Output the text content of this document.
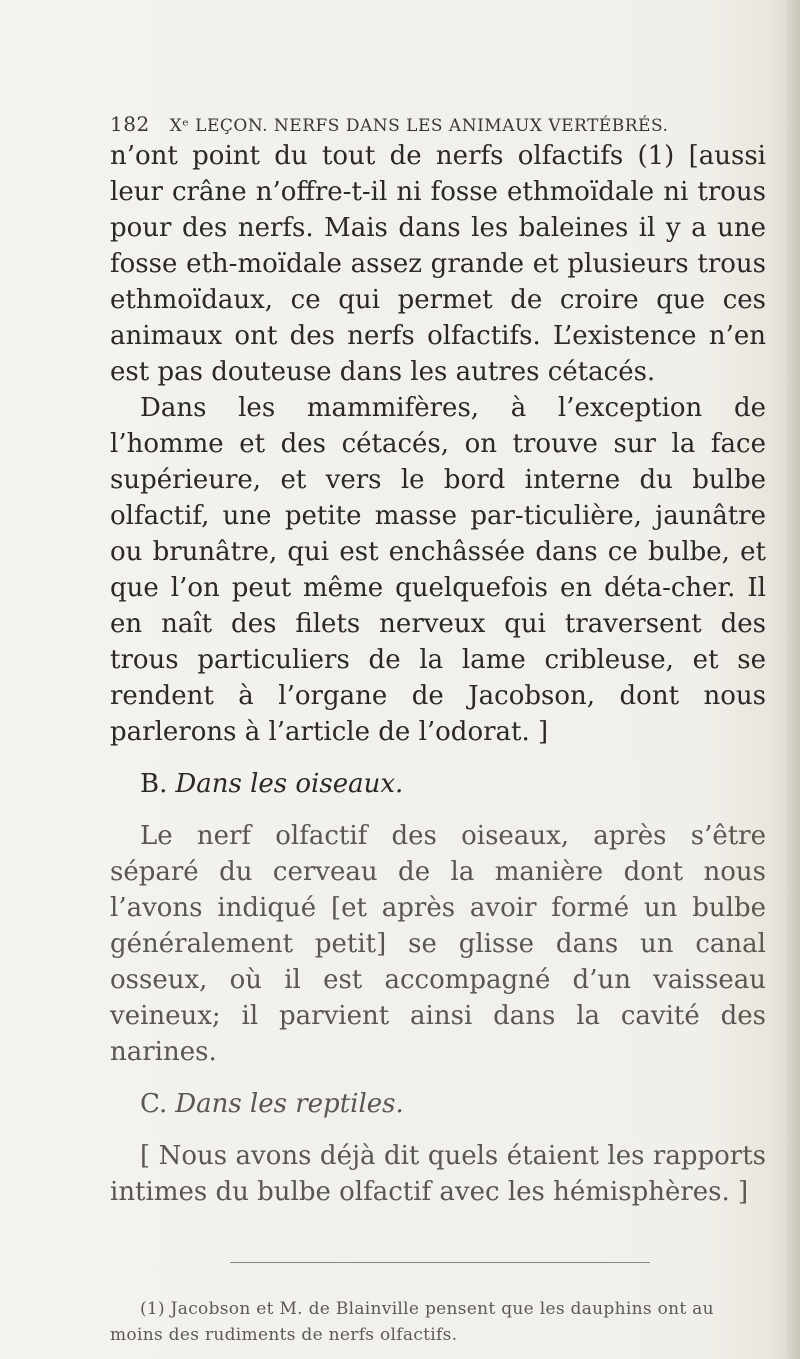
182 Xᵉ LEÇON. NERFS DANS LES ANIMAUX VERTÉBRÉS.

n’ont point du tout de nerfs olfactifs (1) [aussi leur crâne n’offre-t-il ni fosse ethmoïdale ni trous pour des nerfs. Mais dans les baleines il y a une fosse eth-moïdale assez grande et plusieurs trous ethmoïdaux, ce qui permet de croire que ces animaux ont des nerfs olfactifs. L’existence n’en est pas douteuse dans les autres cétacés.

Dans les mammifères, à l’exception de l’homme et des cétacés, on trouve sur la face supérieure, et vers le bord interne du bulbe olfactif, une petite masse par-ticulière, jaunâtre ou brunâtre, qui est enchâssée dans ce bulbe, et que l’on peut même quelquefois en déta-cher. Il en naît des filets nerveux qui traversent des trous particuliers de la lame cribleuse, et se rendent à l’organe de Jacobson, dont nous parlerons à l’article de l’odorat. ]

B. Dans les oiseaux.

Le nerf olfactif des oiseaux, après s’être séparé du cerveau de la manière dont nous l’avons indiqué [et après avoir formé un bulbe généralement petit] se glisse dans un canal osseux, où il est accompagné d’un vaisseau veineux; il parvient ainsi dans la cavité des narines.

C. Dans les reptiles.

[ Nous avons déjà dit quels étaient les rapports intimes du bulbe olfactif avec les hémisphères. ]

(1) Jacobson et M. de Blainville pensent que les dauphins ont au moins des rudiments de nerfs olfactifs.
